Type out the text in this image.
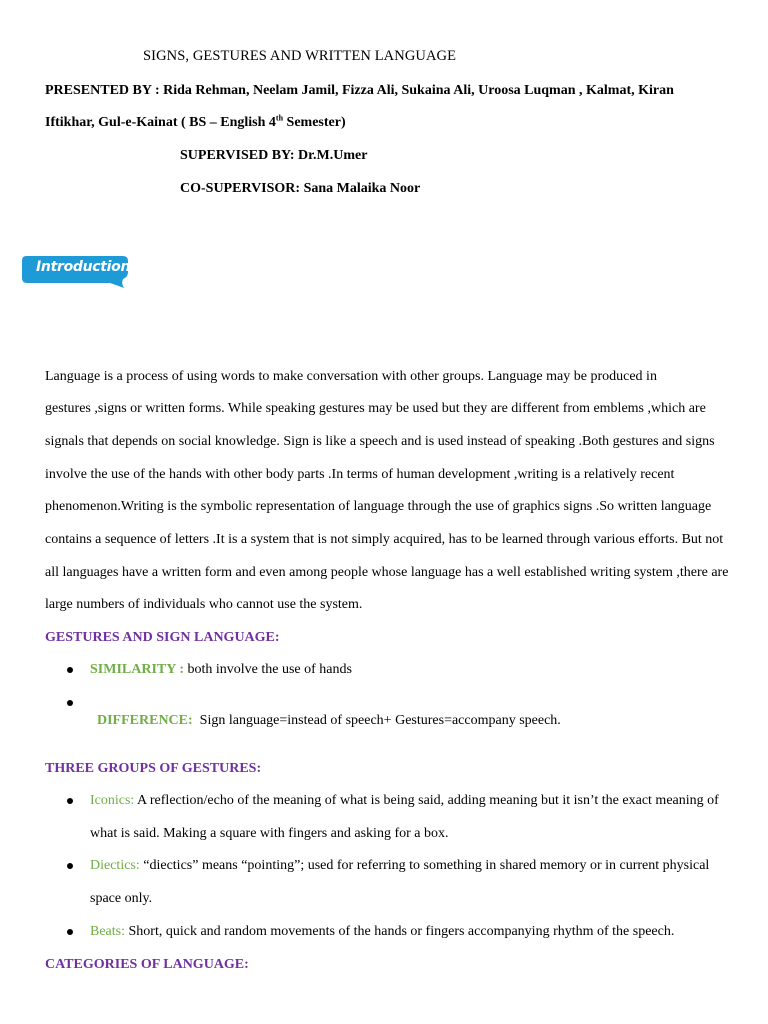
SIGNS, GESTURES AND WRITTEN LANGUAGE
PRESENTED BY : Rida Rehman, Neelam Jamil, Fizza Ali, Sukaina Ali, Uroosa Luqman , Kalmat, Kiran
Iftikhar, Gul-e-Kainat ( BS – English 4th Semester)
SUPERVISED BY: Dr.M.Umer
CO-SUPERVISOR: Sana Malaika Noor
Introduction
Language is a process of using words to make conversation with other groups. Language may be produced in
gestures ,signs or written forms. While speaking gestures may be used but they are different from emblems ,which are
signals that depends on social knowledge. Sign is like a speech and is used instead of speaking .Both gestures and signs
involve the use of the hands with other body parts .In terms of human development ,writing is a relatively recent
phenomenon.Writing is the symbolic representation of language through the use of graphics signs .So written language
contains a sequence of letters .It is a system that is not simply acquired, has to be learned through various efforts. But not
all languages have a written form and even among people whose language has a well established writing system ,there are
large numbers of individuals who cannot use the system.
GESTURES AND SIGN LANGUAGE:
SIMILARITY : both involve the use of hands

DIFFERENCE:  Sign language=instead of speech+ Gestures=accompany speech.

THREE GROUPS OF GESTURES:
Iconics: A reflection/echo of the meaning of what is being said, adding meaning but it isn’t the exact meaning of
what is said. Making a square with fingers and asking for a box.
Diectics: “diectics” means “pointing”; used for referring to something in shared memory or in current physical
space only.
Beats: Short, quick and random movements of the hands or fingers accompanying rhythm of the speech.
CATEGORIES OF LANGUAGE:
